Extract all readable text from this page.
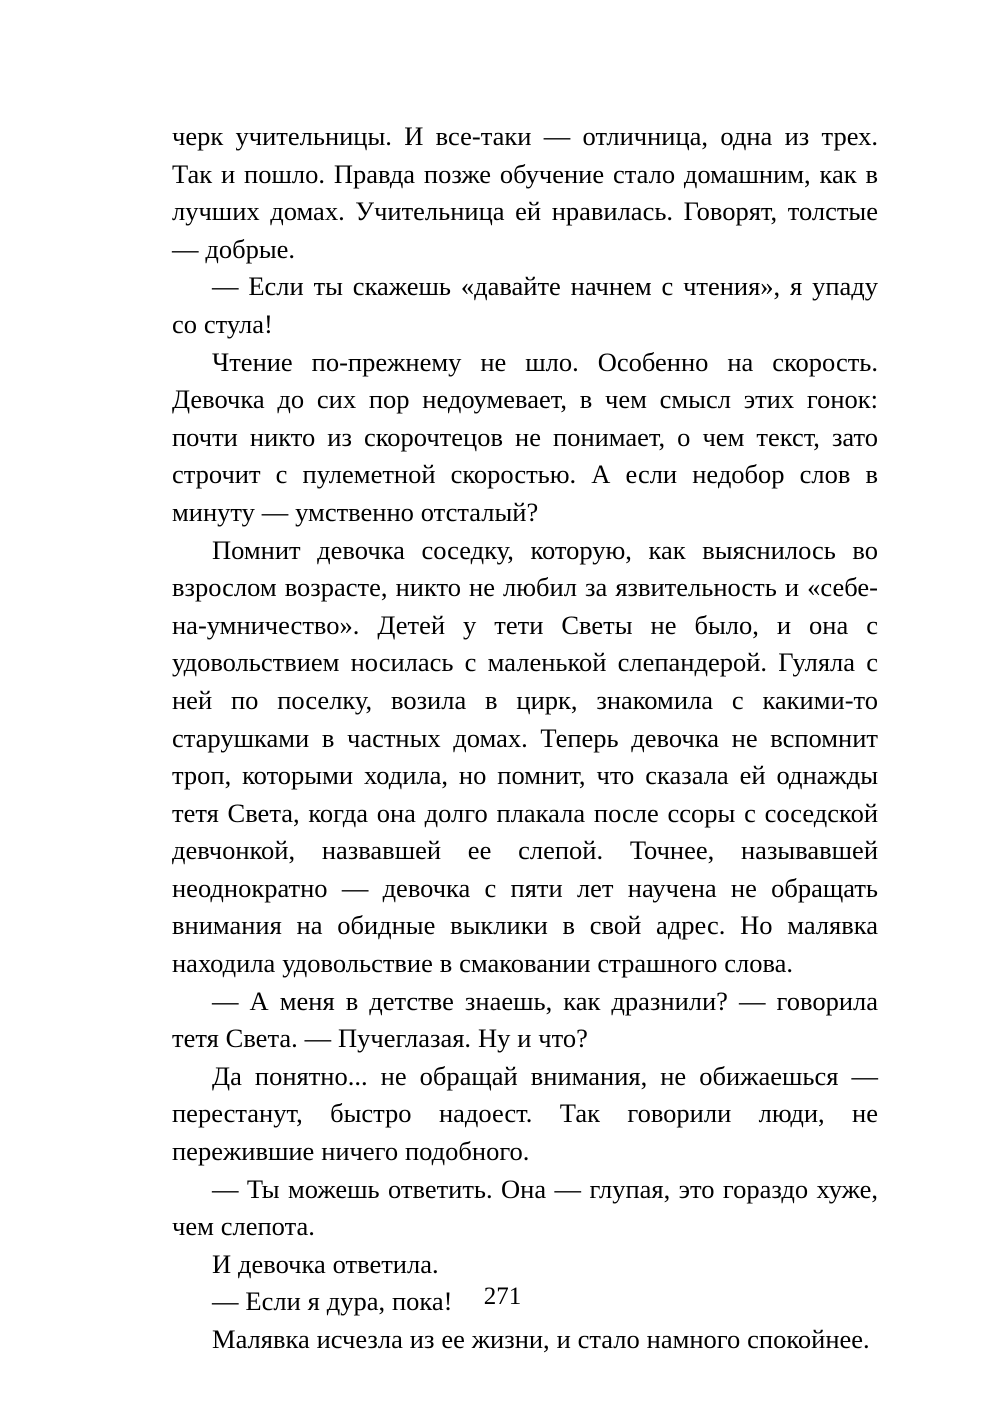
черк учительницы. И все-таки — отличница, одна из трех. Так и пошло. Правда позже обучение стало домашним, как в лучших домах. Учительница ей нравилась. Говорят, толстые — добрые.

— Если ты скажешь «давайте начнем с чтения», я упаду со стула!

Чтение по-прежнему не шло. Особенно на скорость. Девочка до сих пор недоумевает, в чем смысл этих гонок: почти никто из скорочтецов не понимает, о чем текст, зато строчит с пулеметной скоростью. А если недобор слов в минуту — умственно отсталый?

Помнит девочка соседку, которую, как выяснилось во взрослом возрасте, никто не любил за язвительность и «себе-на-умничество». Детей у тети Светы не было, и она с удовольствием носилась с маленькой слепандерой. Гуляла с ней по поселку, возила в цирк, знакомила с какими-то старушками в частных домах. Теперь девочка не вспомнит троп, которыми ходила, но помнит, что сказала ей однажды тетя Света, когда она долго плакала после ссоры с соседской девчонкой, назвавшей ее слепой. Точнее, называвшей неоднократно — девочка с пяти лет научена не обращать внимания на обидные выклики в свой адрес. Но малявка находила удовольствие в смаковании страшного слова.

— А меня в детстве знаешь, как дразнили? — говорила тетя Света. — Пучеглазая. Ну и что?

Да понятно... не обращай внимания, не обижаешься — перестанут, быстро надоест. Так говорили люди, не пережившие ничего подобного.

— Ты можешь ответить. Она — глупая, это гораздо хуже, чем слепота.

И девочка ответила.

— Если я дура, пока!

Малявка исчезла из ее жизни, и стало намного спокойнее.

271
